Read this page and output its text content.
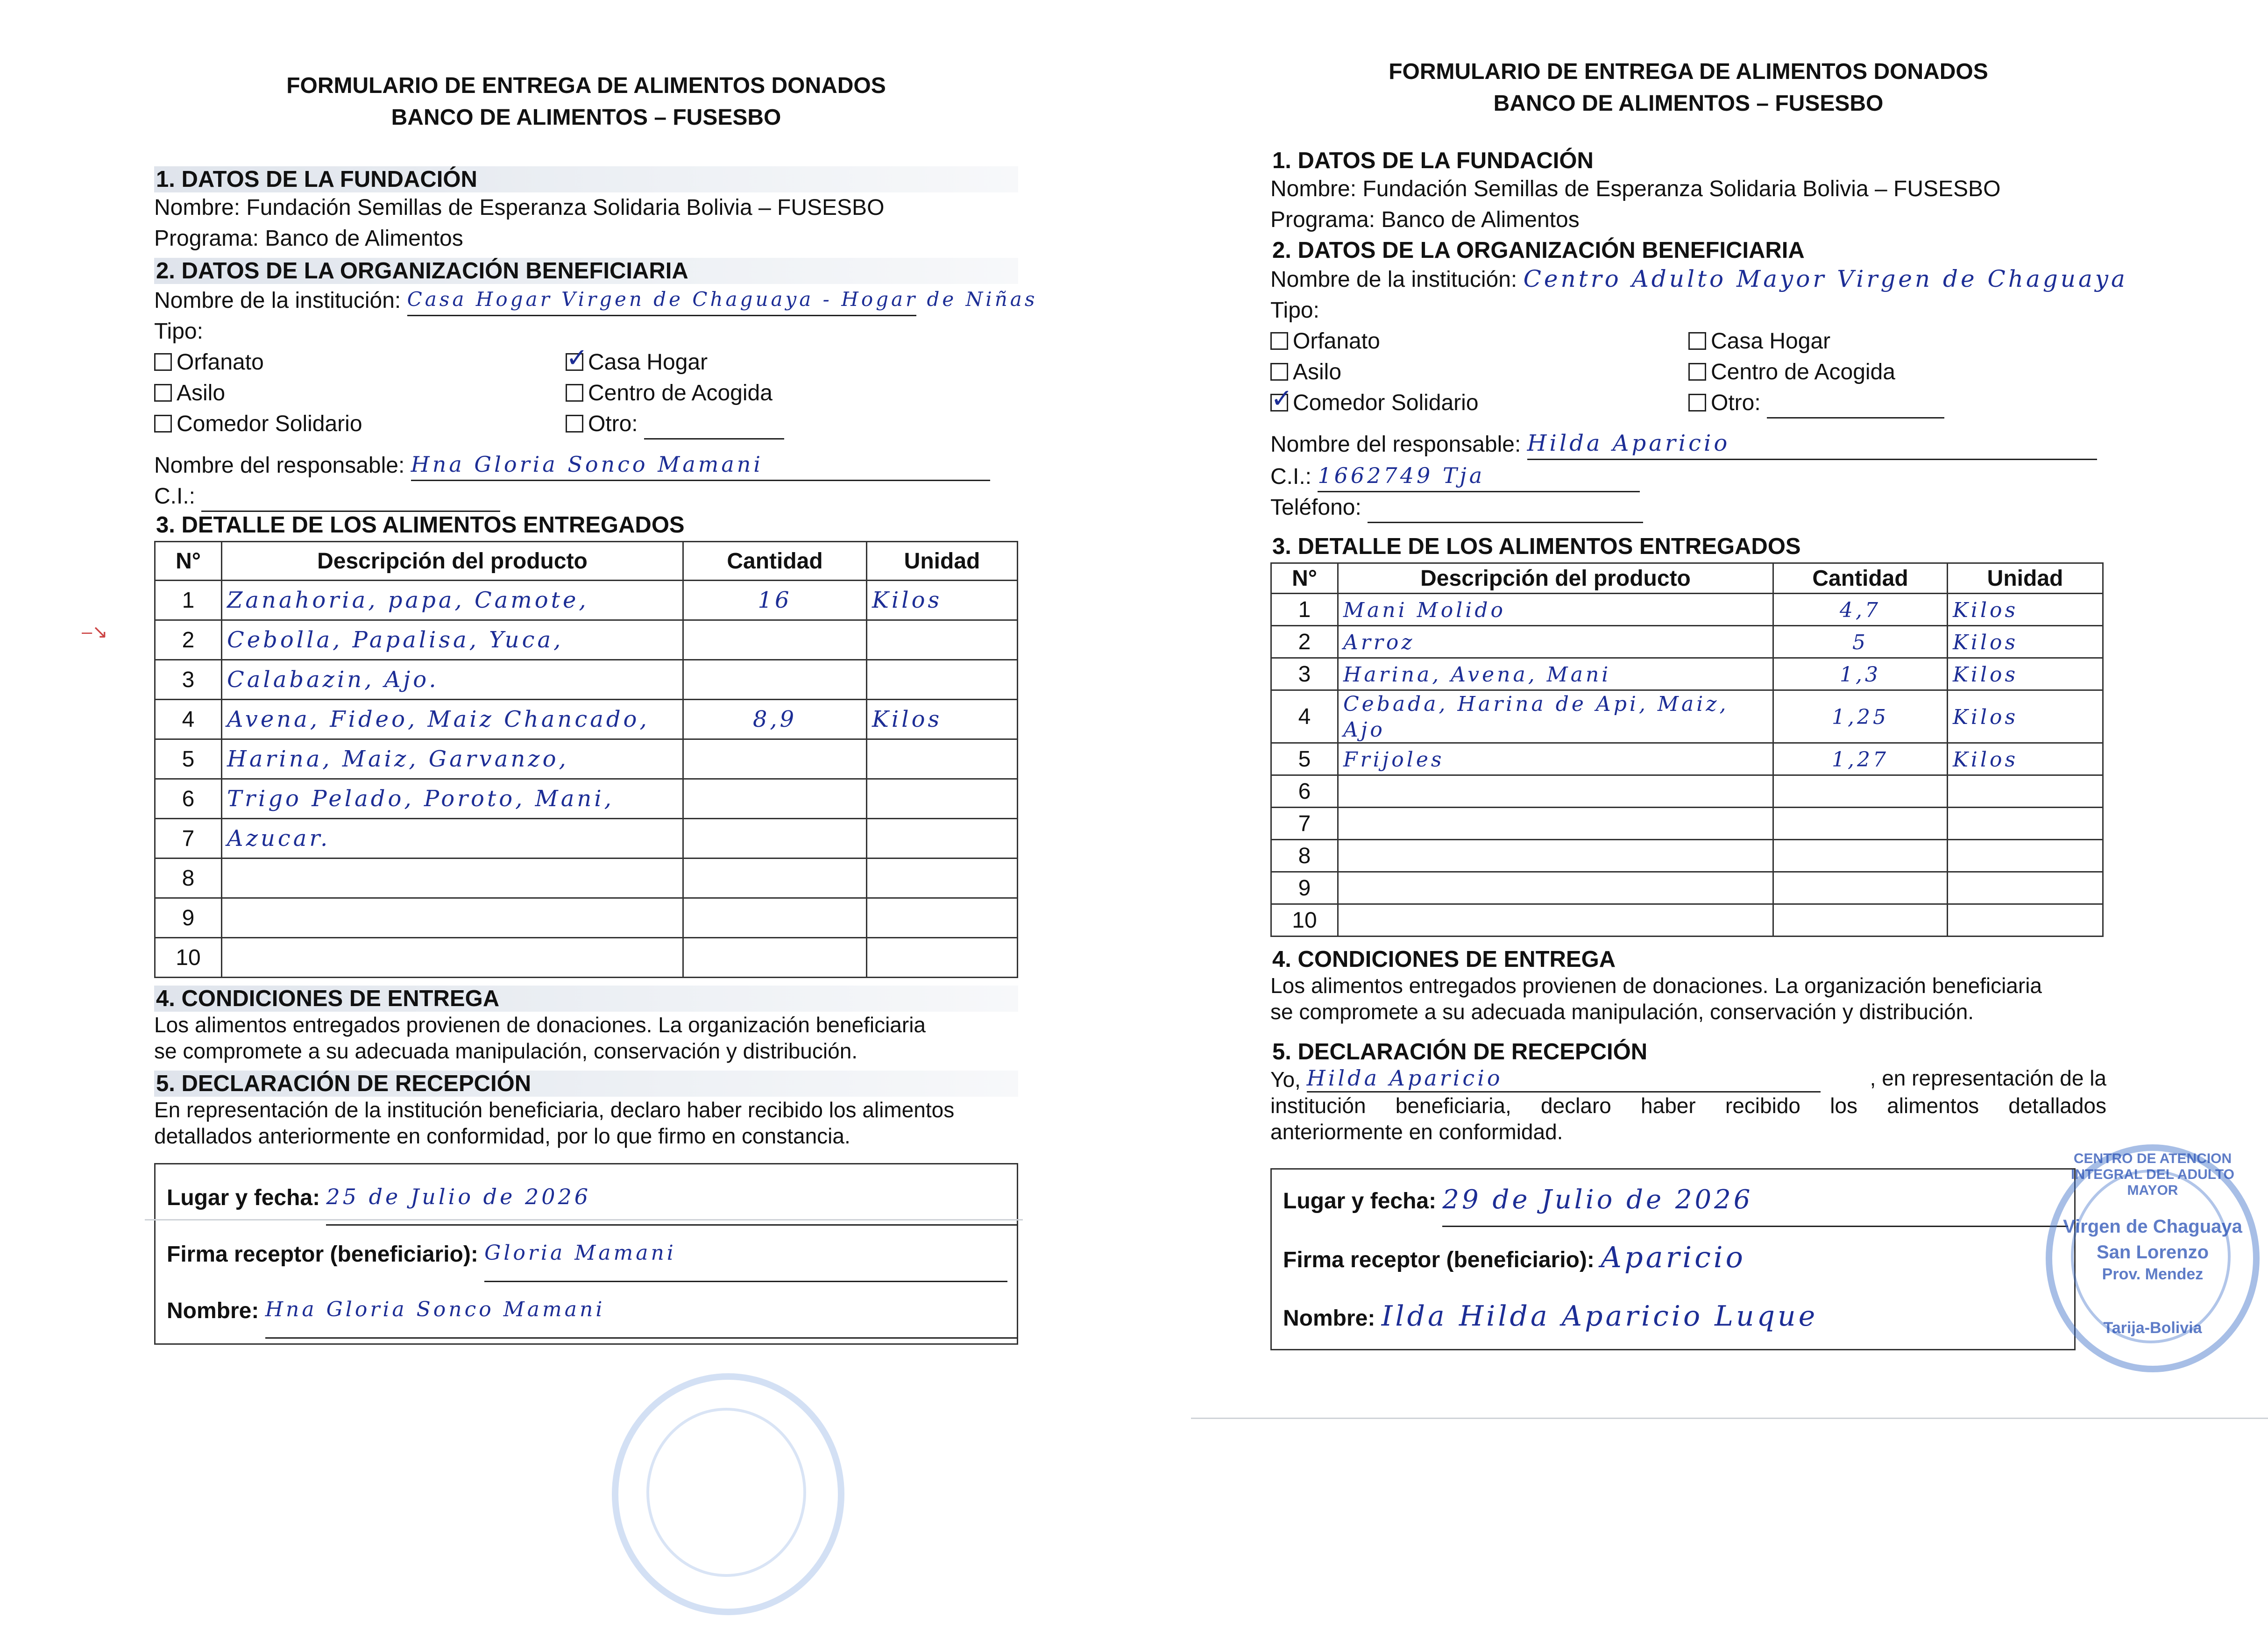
FORMULARIO DE ENTREGA DE ALIMENTOS DONADOS
BANCO DE ALIMENTOS – FUSESBO
1. DATOS DE LA FUNDACIÓN
Nombre: Fundación Semillas de Esperanza Solidaria Bolivia – FUSESBO
Programa: Banco de Alimentos
2. DATOS DE LA ORGANIZACIÓN BENEFICIARIA
Nombre de la institución: Casa Hogar Virgen de Chaguaya - Hogar de Niñas
Tipo:
Orfanato
Asilo
Comedor Solidario
✓Casa Hogar
Centro de Acogida
Otro:
Nombre del responsable: Hna Gloria Sonco Mamani
C.I.:
3. DETALLE DE LOS ALIMENTOS ENTREGADOS
N°	Descripción del producto	Cantidad	Unidad
1	Zanahoria, papa, Camote,	16	Kilos
2	Cebolla, Papalisa, Yuca,		
3	Calabazin, Ajo.		
4	Avena, Fideo, Maiz Chancado,	8,9	Kilos
5	Harina, Maiz, Garvanzo,		
6	Trigo Pelado, Poroto, Mani,		
7	Azucar.		
8			
9			
10			
4. CONDICIONES DE ENTREGA
Los alimentos entregados provienen de donaciones. La organización beneficiaria
se compromete a su adecuada manipulación, conservación y distribución.
5. DECLARACIÓN DE RECEPCIÓN
En representación de la institución beneficiaria, declaro haber recibido los alimentos
detallados anteriormente en conformidad, por lo que firmo en constancia.
Lugar y fecha: 25 de Julio de 2026
Firma receptor (beneficiario): Gloria Mamani
Nombre: Hna Gloria Sonco Mamani
–↘
FORMULARIO DE ENTREGA DE ALIMENTOS DONADOS
BANCO DE ALIMENTOS – FUSESBO
1. DATOS DE LA FUNDACIÓN
Nombre: Fundación Semillas de Esperanza Solidaria Bolivia – FUSESBO
Programa: Banco de Alimentos
2. DATOS DE LA ORGANIZACIÓN BENEFICIARIA
Nombre de la institución: Centro Adulto Mayor Virgen de Chaguaya
Tipo:
Orfanato
Asilo
✓Comedor Solidario
Casa Hogar
Centro de Acogida
Otro:
Nombre del responsable: Hilda Aparicio
C.I.: 1662749 Tja
Teléfono:
3. DETALLE DE LOS ALIMENTOS ENTREGADOS
N°	Descripción del producto	Cantidad	Unidad
1	Mani Molido	4,7	Kilos
2	Arroz	5	Kilos
3	Harina, Avena, Mani	1,3	Kilos
4	Cebada, Harina de Api, Maiz, Ajo	1,25	Kilos
5	Frijoles	1,27	Kilos
6			
7			
8			
9			
10			
4. CONDICIONES DE ENTREGA
Los alimentos entregados provienen de donaciones. La organización beneficiaria
se compromete a su adecuada manipulación, conservación y distribución.
5. DECLARACIÓN DE RECEPCIÓN
Yo, Hilda Aparicio	, en representación de la
institución beneficiaria, declaro haber recibido los alimentos detallados
anteriormente en conformidad.
Lugar y fecha: 29 de Julio de 2026
Firma receptor (beneficiario): Aparicio
Nombre: Ilda Hilda Aparicio Luque
CENTRO DE ATENCION INTEGRAL DEL ADULTO MAYOR
Virgen de Chaguaya
San Lorenzo
Prov. Mendez
Tarija-Bolivia
